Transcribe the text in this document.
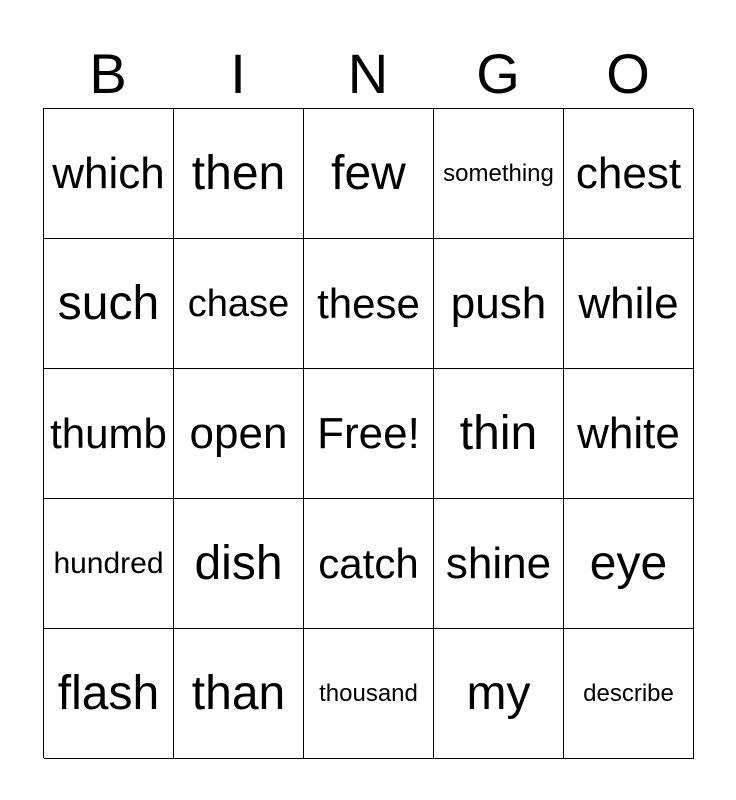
B	I	N	G	O
which then few something chest
such chase these push while
thumb open Free! thin white
hundred dish catch shine eye
flash than thousand my describe
